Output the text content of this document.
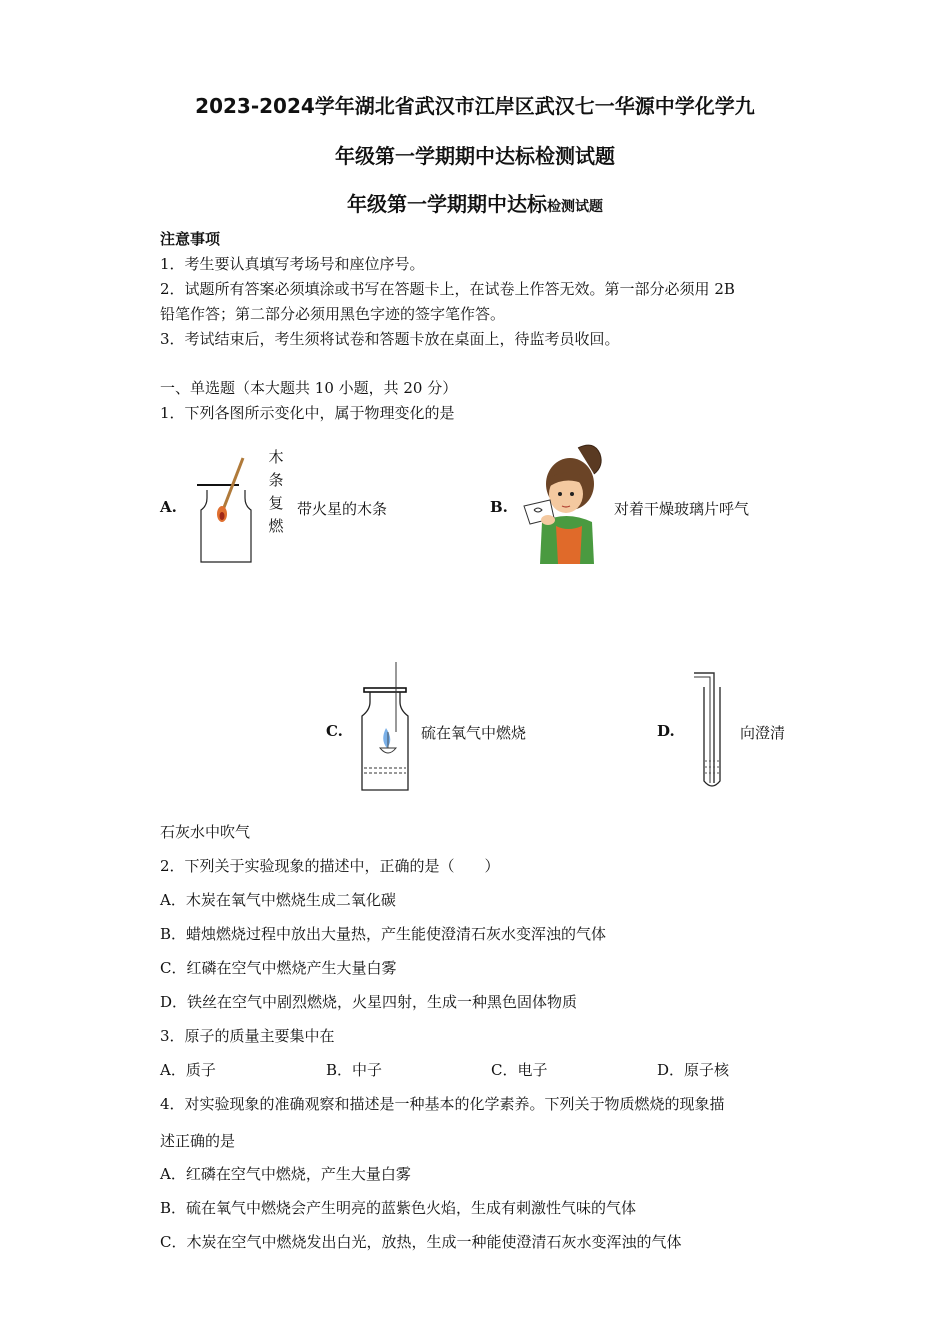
2023-2024学年湖北省武汉市江岸区武汉七一华源中学化学九
年级第一学期期中达标检测试题
年级第一学期期中达标检测试题
注意事项
1．考生要认真填写考场号和座位序号。
2．试题所有答案必须填涂或书写在答题卡上，在试卷上作答无效。第一部分必须用 2B
铅笔作答；第二部分必须用黑色字迹的签字笔作答。
3．考试结束后，考生须将试卷和答题卡放在桌面上，待监考员收回。
一、单选题（本大题共 10 小题，共 20 分）
1．下列各图所示变化中，属于物理变化的是
A.
木
条
复
燃
带火星的木条	B.	对着干燥玻璃片呼气
C.	硫在氧气中燃烧	D.	向澄清
石灰水中吹气
2．下列关于实验现象的描述中，正确的是（　　）
A．木炭在氧气中燃烧生成二氧化碳
B．蜡烛燃烧过程中放出大量热，产生能使澄清石灰水变浑浊的气体
C．红磷在空气中燃烧产生大量白雾
D．铁丝在空气中剧烈燃烧，火星四射，生成一种黑色固体物质
3．原子的质量主要集中在
A．质子	B．中子	C．电子	D．原子核
4．对实验现象的准确观察和描述是一种基本的化学素养。下列关于物质燃烧的现象描
述正确的是
A．红磷在空气中燃烧，产生大量白雾
B．硫在氧气中燃烧会产生明亮的蓝紫色火焰，生成有刺激性气味的气体
C．木炭在空气中燃烧发出白光，放热，生成一种能使澄清石灰水变浑浊的气体
